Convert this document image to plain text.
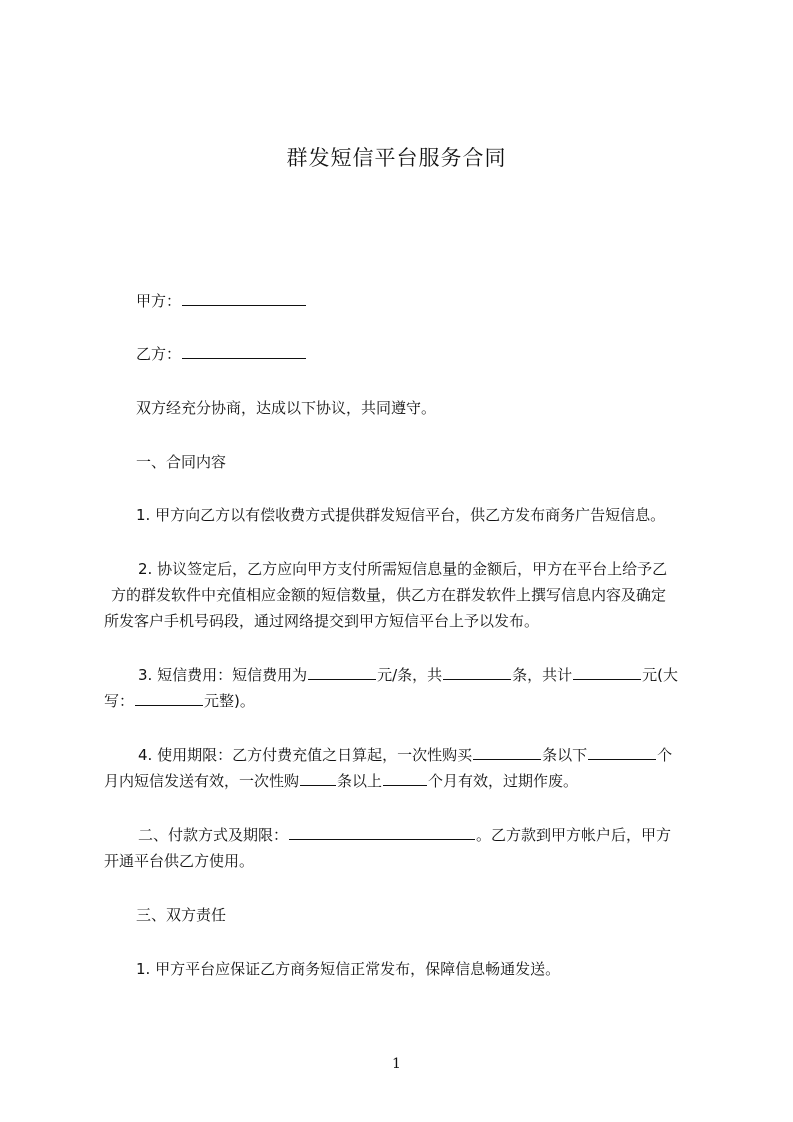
群发短信平台服务合同
甲方：
乙方：
双方经充分协商，达成以下协议，共同遵守。
一、合同内容
1. 甲方向乙方以有偿收费方式提供群发短信平台，供乙方发布商务广告短信息。
2. 协议签定后，乙方应向甲方支付所需短信息量的金额后，甲方在平台上给予乙
方的群发软件中充值相应金额的短信数量，供乙方在群发软件上撰写信息内容及确定
所发客户手机号码段，通过网络提交到甲方短信平台上予以发布。
3. 短信费用：短信费用为	元/条，共	条，共计	元(大
写：	元整)。
4. 使用期限：乙方付费充值之日算起，一次性购买	条以下	个
月内短信发送有效，一次性购	条以上	个月有效，过期作废。
二、付款方式及期限：	。乙方款到甲方帐户后，甲方
开通平台供乙方使用。
三、双方责任
1. 甲方平台应保证乙方商务短信正常发布，保障信息畅通发送。
1
